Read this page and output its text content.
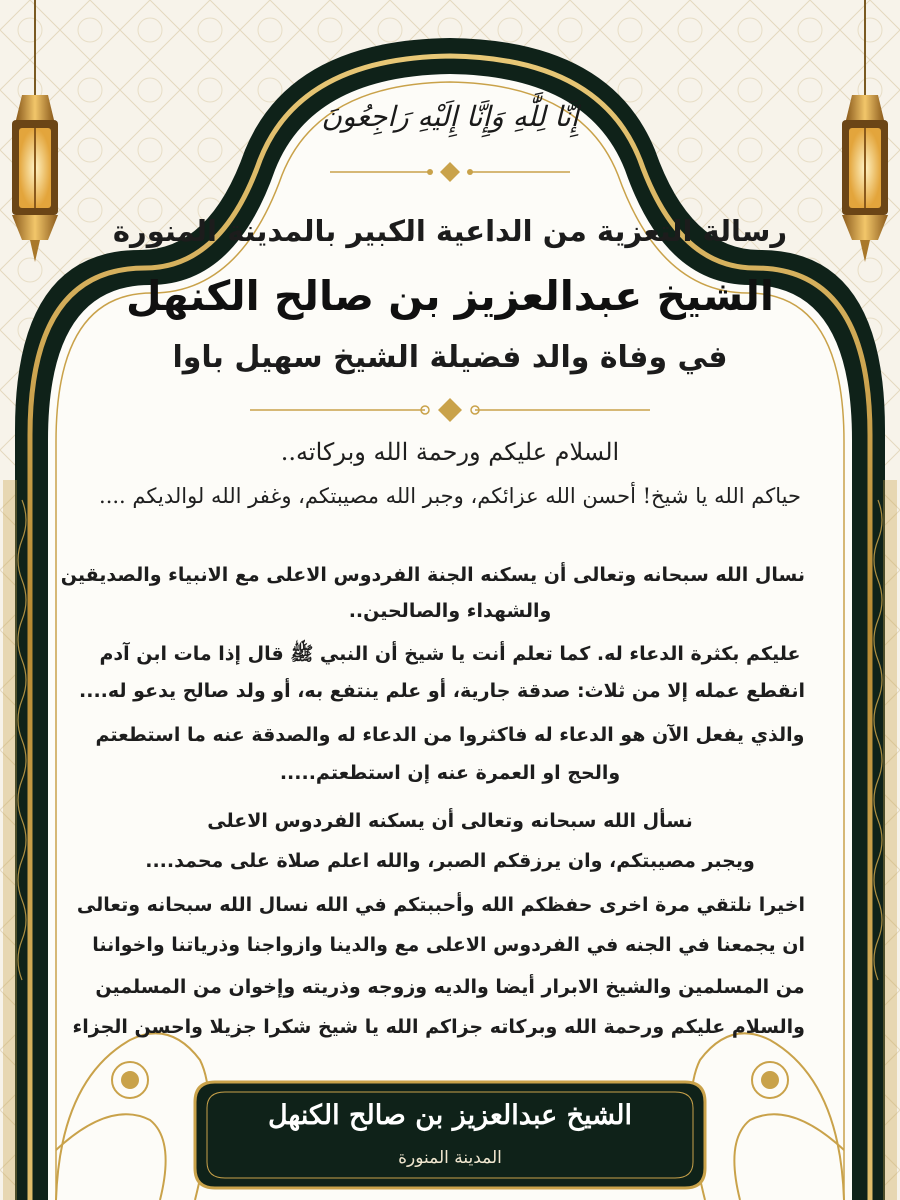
إِنَّا لِلَّٰهِ وَإِنَّا إِلَيْهِ رَاجِعُونَ
رسالة التعزية من الداعية الكبير بالمدينة المنورة
الشيخ عبدالعزيز بن صالح الكنهل
في وفاة والد فضيلة الشيخ سهيل باوا
السلام عليكم ورحمة الله وبركاته..
حياكم الله يا شيخ! أحسن الله عزائكم، وجبر الله مصيبتكم، وغفر الله لوالديكم ....
نسال الله سبحانه وتعالى أن يسكنه الجنة الفردوس الاعلى مع الانبياء والصديقين
والشهداء والصالحين..
عليكم بكثرة الدعاء له. كما تعلم أنت يا شيخ أن النبي ﷺ قال إذا مات ابن آدم
انقطع عمله إلا من ثلاث: صدقة جارية، أو علم ينتفع به، أو ولد صالح يدعو له....
والذي يفعل الآن هو الدعاء له فاكثروا من الدعاء له والصدقة عنه ما استطعتم
والحج او العمرة عنه إن استطعتم.....
نسأل الله سبحانه وتعالى أن يسكنه الفردوس الاعلى
ويجبر مصيبتكم، وان يرزقكم الصبر، والله اعلم صلاة على محمد....
اخيرا نلتقي مرة اخرى حفظكم الله وأحببتكم في الله نسال الله سبحانه وتعالى
ان يجمعنا في الجنه في الفردوس الاعلى مع والدينا وازواجنا وذرياتنا واخواننا
من المسلمين والشيخ الابرار أيضا والديه وزوجه وذريته وإخوان من المسلمين
والسلام عليكم ورحمة الله وبركاته جزاكم الله يا شيخ شكرا جزيلا واحسن الجزاء
الشيخ عبدالعزيز بن صالح الكنهل
المدينة المنورة
